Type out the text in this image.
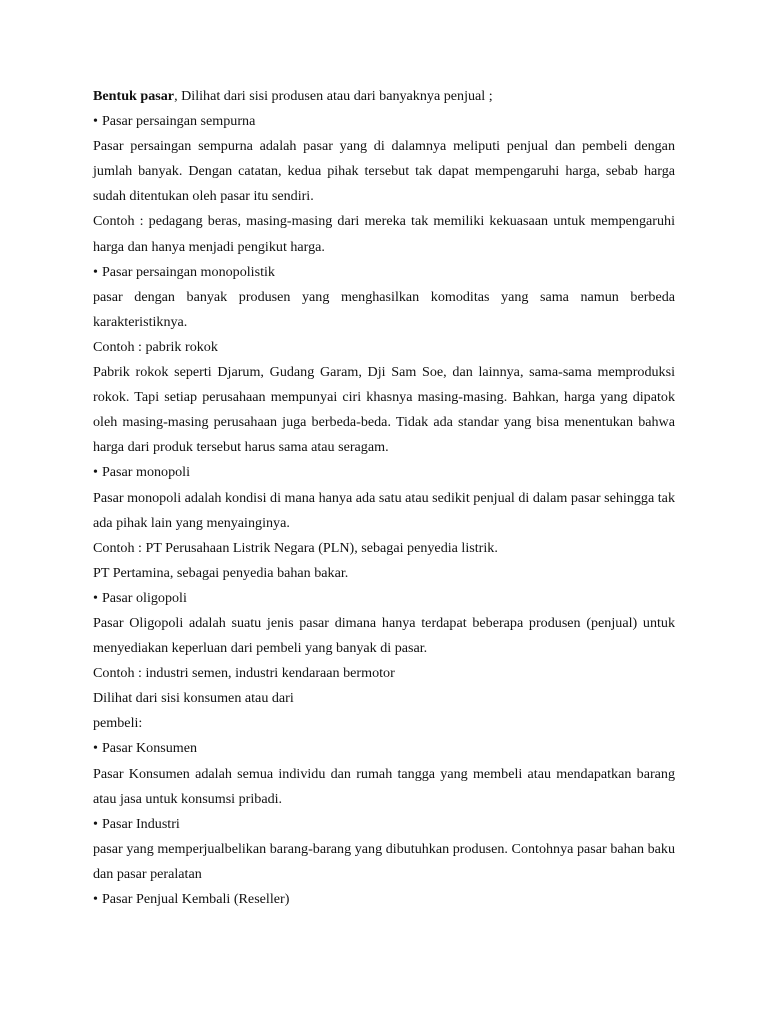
Bentuk pasar, Dilihat dari sisi produsen atau dari banyaknya penjual ;

• Pasar persaingan sempurna

Pasar persaingan sempurna adalah pasar yang di dalamnya meliputi penjual dan pembeli dengan jumlah banyak. Dengan catatan, kedua pihak tersebut tak dapat mempengaruhi harga, sebab harga sudah ditentukan oleh pasar itu sendiri.

Contoh : pedagang beras, masing-masing dari mereka tak memiliki kekuasaan untuk mempengaruhi harga dan hanya menjadi pengikut harga.

• Pasar persaingan monopolistik

pasar dengan banyak produsen yang menghasilkan komoditas yang sama namun berbeda karakteristiknya.

Contoh : pabrik rokok

Pabrik rokok seperti Djarum, Gudang Garam, Dji Sam Soe, dan lainnya, sama-sama memproduksi rokok. Tapi setiap perusahaan mempunyai ciri khasnya masing-masing. Bahkan, harga yang dipatok oleh masing-masing perusahaan juga berbeda-beda. Tidak ada standar yang bisa menentukan bahwa harga dari produk tersebut harus sama atau seragam.

• Pasar monopoli

Pasar monopoli adalah kondisi di mana hanya ada satu atau sedikit penjual di dalam pasar sehingga tak ada pihak lain yang menyainginya.

Contoh : PT Perusahaan Listrik Negara (PLN), sebagai penyedia listrik.

PT Pertamina, sebagai penyedia bahan bakar.

• Pasar oligopoli

Pasar Oligopoli adalah suatu jenis pasar dimana hanya terdapat beberapa produsen (penjual) untuk menyediakan keperluan dari pembeli yang banyak di pasar.

Contoh : industri semen, industri kendaraan bermotor

Dilihat dari sisi konsumen atau dari

pembeli:

• Pasar Konsumen

Pasar Konsumen adalah semua individu dan rumah tangga yang membeli atau mendapatkan barang atau jasa untuk konsumsi pribadi.

• Pasar Industri

pasar yang memperjualbelikan barang-barang yang dibutuhkan produsen. Contohnya pasar bahan baku dan pasar peralatan

• Pasar Penjual Kembali (Reseller)
